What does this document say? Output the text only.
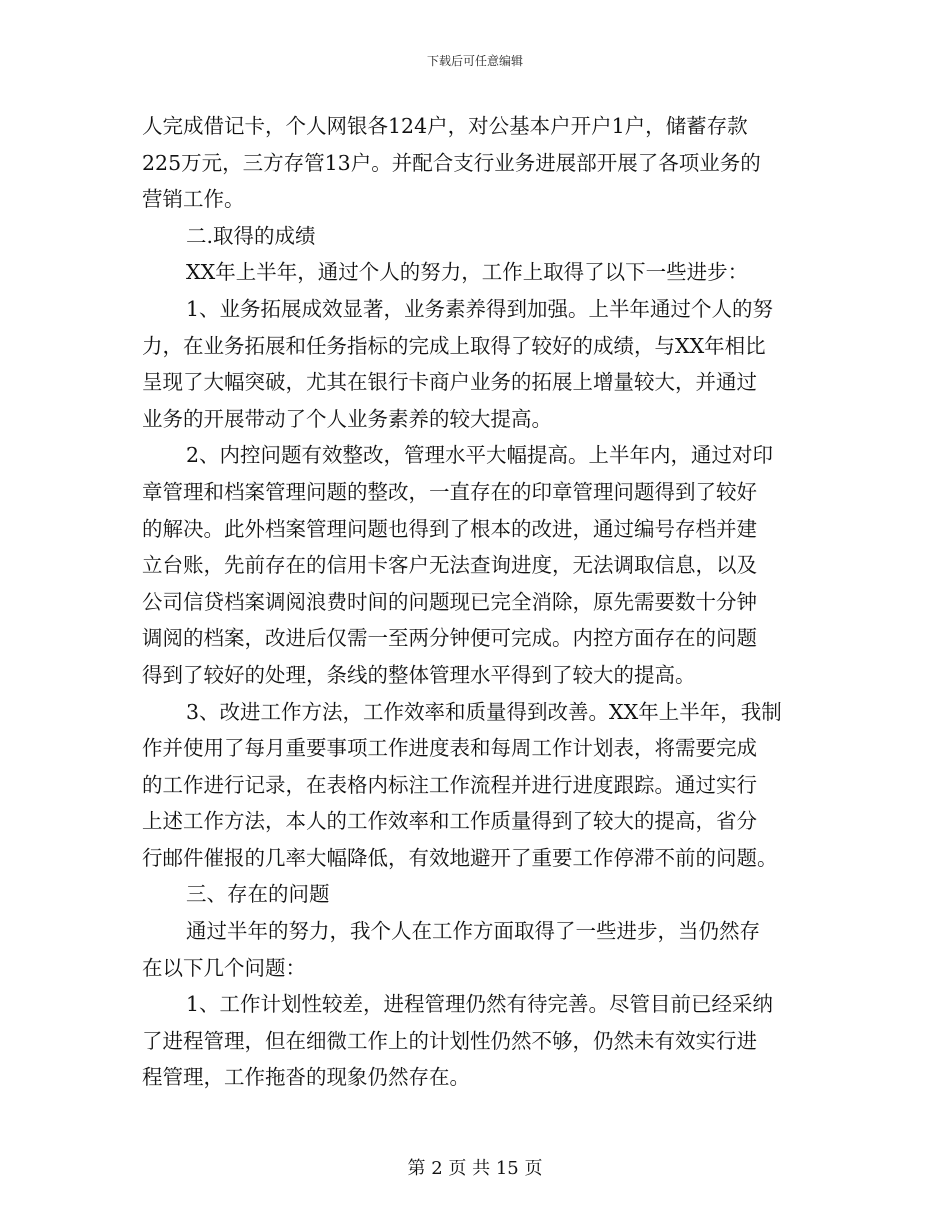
下载后可任意编辑
人完成借记卡，个人网银各124户，对公基本户开户1户，储蓄存款
225万元，三方存管13户。并配合支行业务进展部开展了各项业务的
营销工作。
二.取得的成绩
XX年上半年，通过个人的努力，工作上取得了以下一些进步：
1、业务拓展成效显著，业务素养得到加强。上半年通过个人的努
力，在业务拓展和任务指标的完成上取得了较好的成绩，与XX年相比
呈现了大幅突破，尤其在银行卡商户业务的拓展上增量较大，并通过
业务的开展带动了个人业务素养的较大提高。
2、内控问题有效整改，管理水平大幅提高。上半年内，通过对印
章管理和档案管理问题的整改，一直存在的印章管理问题得到了较好
的解决。此外档案管理问题也得到了根本的改进，通过编号存档并建
立台账，先前存在的信用卡客户无法查询进度，无法调取信息，以及
公司信贷档案调阅浪费时间的问题现已完全消除，原先需要数十分钟
调阅的档案，改进后仅需一至两分钟便可完成。内控方面存在的问题
得到了较好的处理，条线的整体管理水平得到了较大的提高。
3、改进工作方法，工作效率和质量得到改善。XX年上半年，我制
作并使用了每月重要事项工作进度表和每周工作计划表，将需要完成
的工作进行记录，在表格内标注工作流程并进行进度跟踪。通过实行
上述工作方法，本人的工作效率和工作质量得到了较大的提高，省分
行邮件催报的几率大幅降低，有效地避开了重要工作停滞不前的问题。
三、存在的问题
通过半年的努力，我个人在工作方面取得了一些进步，当仍然存
在以下几个问题：
1、工作计划性较差，进程管理仍然有待完善。尽管目前已经采纳
了进程管理，但在细微工作上的计划性仍然不够，仍然未有效实行进
程管理，工作拖沓的现象仍然存在。
第 2 页 共 15 页
